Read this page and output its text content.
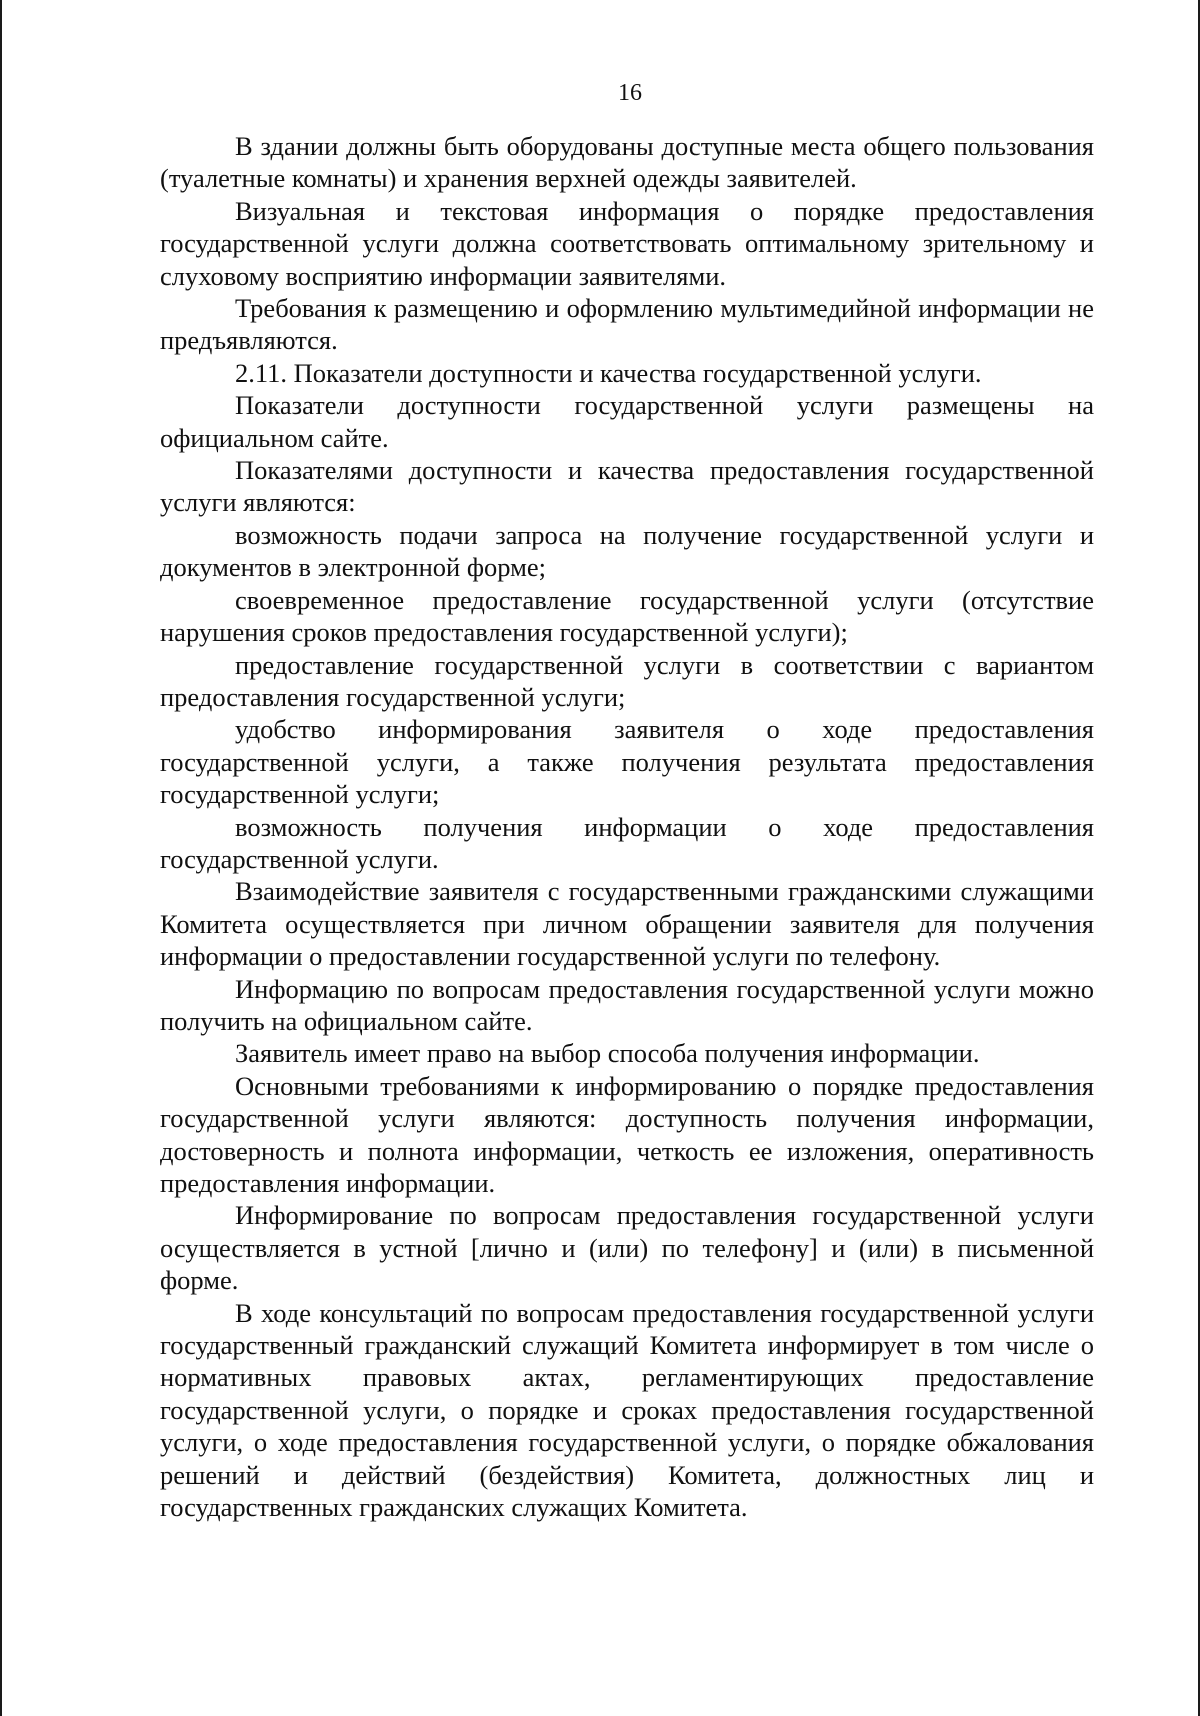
16

В здании должны быть оборудованы доступные места общего пользования (туалетные комнаты) и хранения верхней одежды заявителей.

Визуальная и текстовая информация о порядке предоставления государственной услуги должна соответствовать оптимальному зрительному и слуховому восприятию информации заявителями.

Требования к размещению и оформлению мультимедийной информации не предъявляются.

2.11. Показатели доступности и качества государственной услуги.

Показатели доступности государственной услуги размещены на официальном сайте.

Показателями доступности и качества предоставления государственной услуги являются:

возможность подачи запроса на получение государственной услуги и документов в электронной форме;

своевременное предоставление государственной услуги (отсутствие нарушения сроков предоставления государственной услуги);

предоставление государственной услуги в соответствии с вариантом предоставления государственной услуги;

удобство информирования заявителя о ходе предоставления государственной услуги, а также получения результата предоставления государственной услуги;

возможность получения информации о ходе предоставления государственной услуги.

Взаимодействие заявителя с государственными гражданскими служащими Комитета осуществляется при личном обращении заявителя для получения информации о предоставлении государственной услуги по телефону.

Информацию по вопросам предоставления государственной услуги можно получить на официальном сайте.

Заявитель имеет право на выбор способа получения информации.

Основными требованиями к информированию о порядке предоставления государственной услуги являются: доступность получения информации, достоверность и полнота информации, четкость ее изложения, оперативность предоставления информации.

Информирование по вопросам предоставления государственной услуги осуществляется в устной [лично и (или) по телефону] и (или) в письменной форме.

В ходе консультаций по вопросам предоставления государственной услуги государственный гражданский служащий Комитета информирует в том числе о нормативных правовых актах, регламентирующих предоставление государственной услуги, о порядке и сроках предоставления государственной услуги, о ходе предоставления государственной услуги, о порядке обжалования решений и действий (бездействия) Комитета, должностных лиц и государственных гражданских служащих Комитета.
